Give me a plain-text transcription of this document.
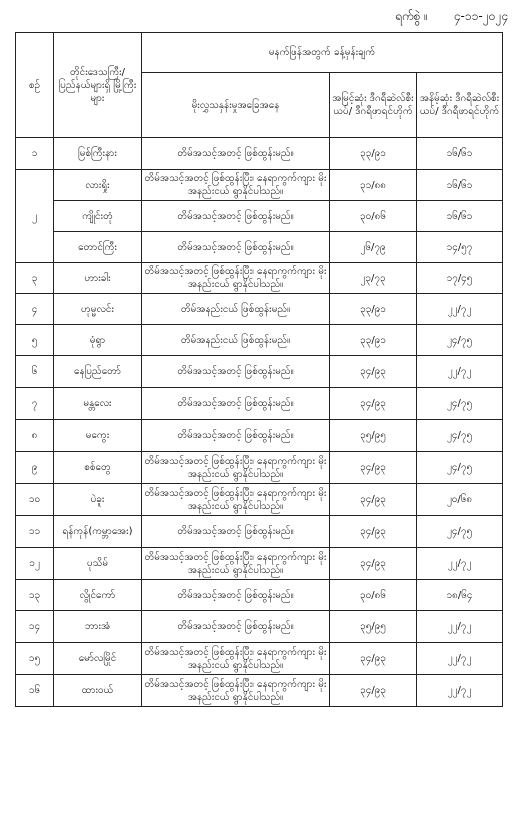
ရက်စွဲ ။ ၄-၁၁-၂၀၂၄
စဉ်	တိုင်းဒေသကြီး/ ပြည်နယ်များရှိ မြို့ကြီးများ	မနက်ဖြန်အတွက် ခန့်မှန်းချက်		
		မိုးလွှသနှန်းမှုအခြေအနေ	အမြင့်ဆုံး ဒီဂရီဆဲလ်စီးယပ်/ ဒီဂရီဖာရင်ဟိုက်	အနိမ့်ဆုံး ဒီဂရီဆဲလ်စီးယပ်/ ဒီဂရီဖာရင်ဟိုက်
၁	မြစ်ကြီးနား	တိမ်အသင့်အတင့် ဖြစ်ထွန်းမည်။	၃၃/၉၁	၁၆/၆၁
၂	လားရှိုး	တိမ်အသင့်အတင့် ဖြစ်ထွန်းပြီး၊ နေရာကွက်ကျား မိုးအနည်းငယ် ရွာနိုင်ပါသည်။	၃၁/၈၈	၁၆/၆၁
	ကျိုင်းတုံ	တိမ်အသင့်အတင့် ဖြစ်ထွန်းမည်။	၃၀/၈၆	၁၆/၆၁
	တောင်ကြီး	တိမ်အသင့်အတင့် ဖြစ်ထွန်းမည်။	၂၆/၇၉	၁၄/၅၇
၃	ဟားခါး	တိမ်အသင့်အတင့် ဖြစ်ထွန်းပြီး၊ နေရာကွက်ကျား မိုးအနည်းငယ် ရွာနိုင်ပါသည်။	၂၃/၇၃	၁၇/၄၅
၄	ဟုမ္မလင်း	တိမ်အနည်းငယ် ဖြစ်ထွန်းမည်။	၃၃/၉၁	၂၂/၇၂
၅	မုံရွာ	တိမ်အနည်းငယ် ဖြစ်ထွန်းမည်။	၃၃/၉၁	၂၄/၇၅
၆	နေပြည်တော်	တိမ်အသင့်အတင့် ဖြစ်ထွန်းမည်။	၃၄/၉၃	၂၂/၇၂
၇	မန္တလေး	တိမ်အသင့်အတင့် ဖြစ်ထွန်းမည်။	၃၄/၉၃	၂၄/၇၅
၈	မကွေး	တိမ်အသင့်အတင့် ဖြစ်ထွန်းမည်။	၃၅/၉၅	၂၄/၇၅
၉	စစ်တွေ	တိမ်အသင့်အတင့် ဖြစ်ထွန်းပြီး၊ နေရာကွက်ကျား မိုးအနည်းငယ် ရွာနိုင်ပါသည်။	၃၄/၉၃	၂၄/၇၅
၁၀	ပဲခူး	တိမ်အသင့်အတင့် ဖြစ်ထွန်းပြီး၊ နေရာကွက်ကျား မိုးအနည်းငယ် ရွာနိုင်ပါသည်။	၃၄/၉၃	၂၀/၆၈
၁၁	ရန်ကုန်(ကမ္ဘာအေး)	တိမ်အသင့်အတင့် ဖြစ်ထွန်းမည်။	၃၄/၉၃	၂၄/၇၅
၁၂	ပုသိမ်	တိမ်အသင့်အတင့် ဖြစ်ထွန်းပြီး၊ နေရာကွက်ကျား မိုးအနည်းငယ် ရွာနိုင်ပါသည်။	၃၄/၉၃	၂၂/၇၂
၁၃	လွိုင်ကော်	တိမ်အသင့်အတင့် ဖြစ်ထွန်းမည်။	၃၀/၈၆	၁၈/၆၄
၁၄	ဘားအံ	တိမ်အသင့်အတင့် ဖြစ်ထွန်းမည်။	၃၅/၉၅	၂၂/၇၂
၁၅	မော်လမြိုင်	တိမ်အသင့်အတင့် ဖြစ်ထွန်းပြီး၊ နေရာကွက်ကျား မိုးအနည်းငယ် ရွာနိုင်ပါသည်။	၃၄/၉၃	၂၂/၇၂
၁၆	ထားဝယ်	တိမ်အသင့်အတင့် ဖြစ်ထွန်းပြီး၊ နေရာကွက်ကျား မိုးအနည်းငယ် ရွာနိုင်ပါသည်။	၃၄/၉၃	၂၂/၇၂
